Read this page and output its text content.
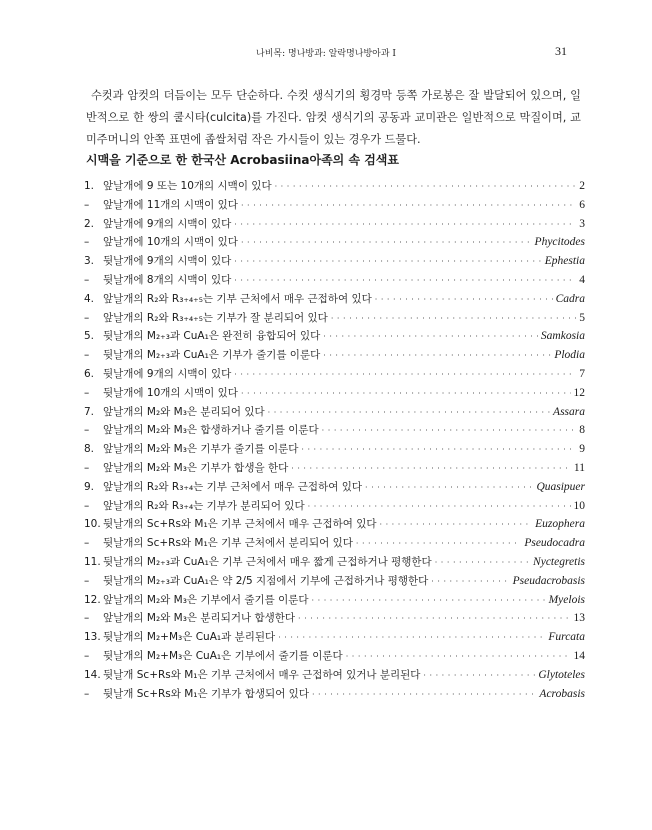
나비목: 명나방과: 알락명나방아과 I	31

수컷과 암컷의 더듬이는 모두 단순하다. 수컷 생식기의 횡경막 등쪽 가로봉은 잘 발달되어 있으며, 일반적으로 한 쌍의 쿨시타(culcita)를 가진다. 암컷 생식기의 공동과 교미관은 일반적으로 막질이며, 교미주머니의 안쪽 표면에 좁쌀처럼 작은 가시들이 있는 경우가 드물다.

시맥을 기준으로 한 한국산 Acrobasiina아족의 속 검색표
1. 앞날개에 9 또는 10개의 시맥이 있다 · · ·	2
–	앞날개에 11개의 시맥이 있다 · · ·	6
2. 앞날개에 9개의 시맥이 있다 · · ·	3
–	앞날개에 10개의 시맥이 있다 · · ·	Phycitodes
3. 뒷날개에 9개의 시맥이 있다 · · ·	Ephestia
–	뒷날개에 8개의 시맥이 있다 · · ·	4
4. 앞날개의 R₂와 R₃₊₄₊₅는 기부 근처에서 매우 근접하여 있다 · · ·	Cadra
–	앞날개의 R₂와 R₃₊₄₊₅는 기부가 잘 분리되어 있다 · · ·	5
5. 뒷날개의 M₂₊₃과 CuA₁은 완전히 융합되어 있다 · · ·	Samkosia
–	뒷날개의 M₂₊₃과 CuA₁은 기부가 줄기를 이룬다 · · ·	Plodia
6. 뒷날개에 9개의 시맥이 있다 · · ·	7
–	뒷날개에 10개의 시맥이 있다 · · ·	12
7. 앞날개의 M₂와 M₃은 분리되어 있다 · · ·	Assara
–	앞날개의 M₂와 M₃은 합생하거나 줄기를 이룬다 · · ·	8
8. 앞날개의 M₂와 M₃은 기부가 줄기를 이룬다 · · ·	9
–	앞날개의 M₂와 M₃은 기부가 합생을 한다 · · ·	11
9. 앞날개의 R₂와 R₃₊₄는 기부 근처에서 매우 근접하여 있다 · · ·	Quasipuer
–	앞날개의 R₂와 R₃₊₄는 기부가 분리되어 있다 · · ·	10
10. 뒷날개의 Sc+Rs와 M₁은 기부 근처에서 매우 근접하여 있다 · · ·	Euzophera
–	뒷날개의 Sc+Rs와 M₁은 기부 근처에서 분리되어 있다 · · ·	Pseudocadra
11. 뒷날개의 M₂₊₃과 CuA₁은 기부 근처에서 매우 짧게 근접하거나 평행한다 · · ·	Nyctegretis
–	뒷날개의 M₂₊₃과 CuA₁은 약 2/5 지점에서 기부에 근접하거나 평행한다 · · ·	Pseudacrobasis
12. 앞날개의 M₂와 M₃은 기부에서 줄기를 이룬다 · · ·	Myelois
–	앞날개의 M₂와 M₃은 분리되거나 합생한다 · · ·	13
13. 뒷날개의 M₂+M₃은 CuA₁과 분리된다 · · ·	Furcata
–	뒷날개의 M₂+M₃은 CuA₁은 기부에서 줄기를 이룬다 · · ·	14
14. 뒷날개 Sc+Rs와 M₁은 기부 근처에서 매우 근접하여 있거나 분리된다 · · ·	Glytoteles
–	뒷날개 Sc+Rs와 M₁은 기부가 합생되어 있다 · · ·	Acrobasis
